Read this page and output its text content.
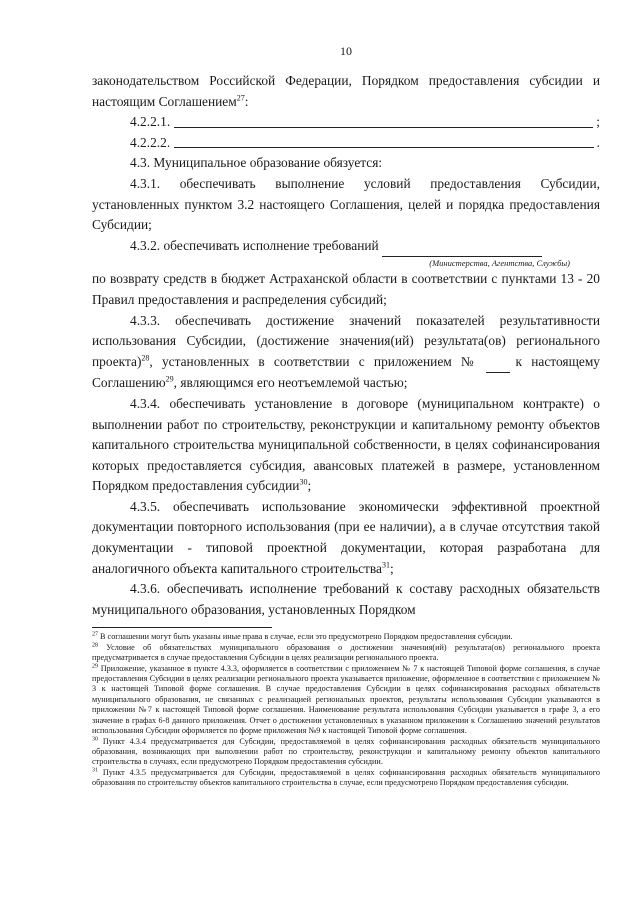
10

законодательством Российской Федерации, Порядком предоставления субсидии и настоящим Соглашением$^{27}$:

4.2.2.1.	;
4.2.2.2.	.

4.3. Муниципальное образование обязуется:

4.3.1. обеспечивать выполнение условий предоставления Субсидии, установленных пунктом 3.2 настоящего Соглашения, целей и порядка предоставления Субсидии;

4.3.2. обеспечивать исполнение требований

(Министерства, Агентства, Службы)

по возврату средств в бюджет Астраханской области в соответствии с пунктами 13 - 20 Правил предоставления и распределения субсидий;

4.3.3. обеспечивать достижение значений показателей результативности использования Субсидии, (достижение значения(ий) результата(ов) регионального проекта)$^{28}$, установленных в соответствии с приложением №	к настоящему Соглашению$^{29}$, являющимся его неотъемлемой частью;

4.3.4. обеспечивать установление в договоре (муниципальном контракте) о выполнении работ по строительству, реконструкции и капитальному ремонту объектов капитального строительства муниципальной собственности, в целях софинансирования которых предоставляется субсидия, авансовых платежей в размере, установленном Порядком предоставления субсидии$^{30}$;

4.3.5. обеспечивать использование экономически эффективной проектной документации повторного использования (при ее наличии), а в случае отсутствия такой документации - типовой проектной документации, которая разработана для аналогичного объекта капитального строительства$^{31}$;

4.3.6. обеспечивать исполнение требований к составу расходных обязательств муниципального образования, установленных Порядком

$^{27}$ В соглашении могут быть указаны иные права в случае, если это предусмотрено Порядком предоставления субсидии.

$^{28}$ Условие об обязательствах муниципального образования о достижении значения(ий) результата(ов) регионального проекта предусматривается в случае предоставления Субсидии в целях реализации регионального проекта.

$^{29}$ Приложение, указанное в пункте 4.3.3, оформляется в соответствии с приложением № 7 к настоящей Типовой форме соглашения, в случае предоставления Субсидии в целях реализации регионального проекта указывается приложение, оформленное в соответствии с приложением № 3 к настоящей Типовой форме соглашения. В случае предоставления Субсидии в целях софинансирования расходных обязательств муниципального образования, не связанных с реализацией региональных проектов, результаты использования Субсидии указываются в приложении №7 к настоящей Типовой форме соглашения. Наименование результата использования Субсидии указывается в графе 3, а его значение в графах 6-8 данного приложения. Отчет о достижении установленных в указанном приложении к Соглашению значений результатов использования Субсидии оформляется по форме приложения №9 к настоящей Типовой форме соглашения.

$^{30}$ Пункт 4.3.4 предусматривается для Субсидии, предоставляемой в целях софинансирования расходных обязательств муниципального образования, возникающих при выполнении работ по строительству, реконструкции и капитальному ремонту объектов капитального строительства в случаях, если предусмотрено Порядком предоставления субсидии.

$^{31}$ Пункт 4.3.5 предусматривается для Субсидии, предоставляемой в целях софинансирования расходных обязательств муниципального образования по строительству объектов капитального строительства в случае, если предусмотрено Порядком предоставления субсидии.
